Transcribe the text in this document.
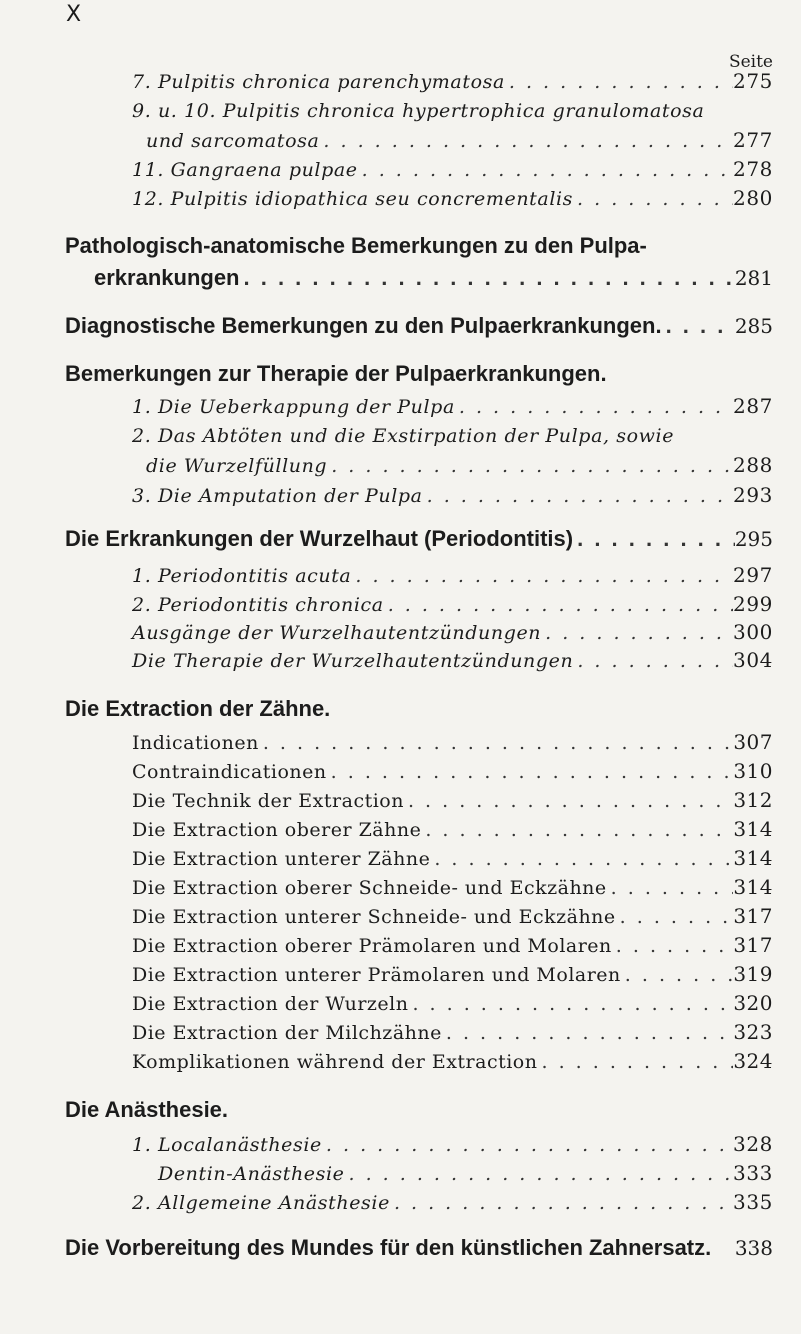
X
Seite
7. Pulpitis chronica parenchymatosa . . .	275
9. u. 10. Pulpitis chronica hypertrophica granulomatosa
und sarcomatosa . . .	277
11. Gangraena pulpae . . .	278
12. Pulpitis idiopathica seu concrementalis . . .	280
Pathologisch-anatomische Bemerkungen zu den Pulpa-
erkrankungen . . .	281
Diagnostische Bemerkungen zu den Pulpaerkrankungen. . . .	285
Bemerkungen zur Therapie der Pulpaerkrankungen.
1. Die Ueberkappung der Pulpa . . .	287
2. Das Abtöten und die Exstirpation der Pulpa, sowie
die Wurzelfüllung . . .	288
3. Die Amputation der Pulpa . . .	293
Die Erkrankungen der Wurzelhaut (Periodontitis) . . .	295
1. Periodontitis acuta . . .	297
2. Periodontitis chronica . . .	299
Ausgänge der Wurzelhautentzündungen . . .	300
Die Therapie der Wurzelhautentzündungen . . .	304
Die Extraction der Zähne.
Indicationen . . .	307
Contraindicationen . . .	310
Die Technik der Extraction . . .	312
Die Extraction oberer Zähne . . .	314
Die Extraction unterer Zähne . . .	314
Die Extraction oberer Schneide- und Eckzähne . . .	314
Die Extraction unterer Schneide- und Eckzähne . . .	317
Die Extraction oberer Prämolaren und Molaren . . .	317
Die Extraction unterer Prämolaren und Molaren . . .	319
Die Extraction der Wurzeln . . .	320
Die Extraction der Milchzähne . . .	323
Komplikationen während der Extraction . . .	324
Die Anästhesie.
1. Localanästhesie . . .	328
Dentin-Anästhesie . . .	333
2. Allgemeine Anästhesie . . .	335
Die Vorbereitung des Mundes für den künstlichen Zahnersatz.	338
